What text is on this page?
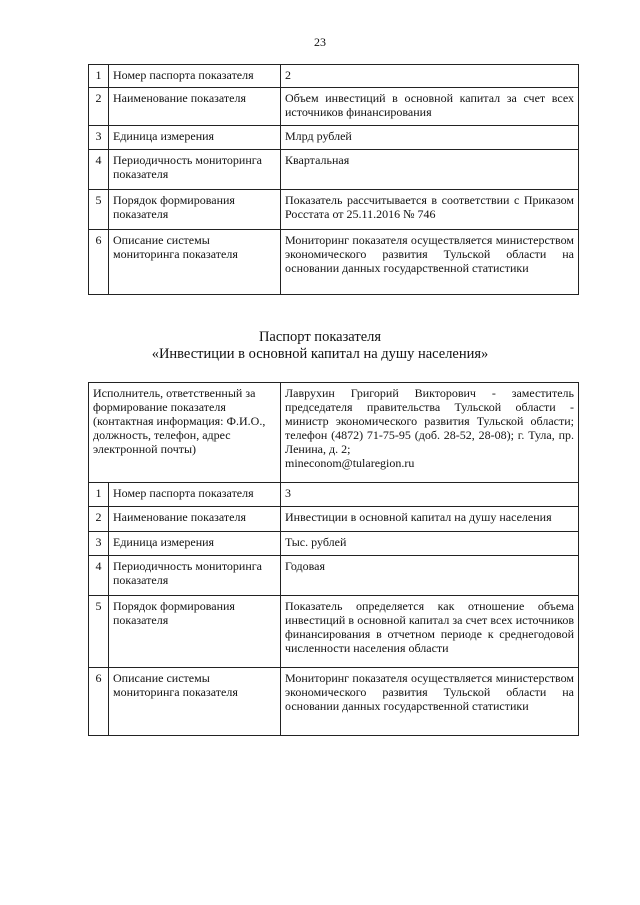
23
1	Номер паспорта показателя	2
2	Наименование показателя	Объем инвестиций в основной капитал за счет всех источников финансирования
3	Единица измерения	Млрд рублей
4	Периодичность мониторинга показателя	Квартальная
5	Порядок формирования показателя	Показатель рассчитывается в соответствии с Приказом Росстата от 25.11.2016 № 746
6	Описание системы мониторинга показателя	Мониторинг показателя осуществляется министерством экономического развития Тульской области на основании данных государственной статистики
Паспорт показателя
«Инвестиции в основной капитал на душу населения»
Исполнитель, ответственный за формирование показателя (контактная информация: Ф.И.О., должность, телефон, адрес электронной почты)		Лаврухин Григорий Викторович - заместитель председателя правительства Тульской области - министр экономического развития Тульской области; телефон (4872) 71-75-95 (доб. 28-52, 28-08); г. Тула, пр. Ленина, д. 2;
mineconom@tularegion.ru

1	Номер паспорта показателя	3
2	Наименование показателя	Инвестиции в основной капитал на душу населения
3	Единица измерения	Тыс. рублей
4	Периодичность мониторинга показателя	Годовая
5	Порядок формирования показателя	Показатель определяется как отношение объема инвестиций в основной капитал за счет всех источников финансирования в отчетном периоде к среднегодовой численности населения области
6	Описание системы мониторинга показателя	Мониторинг показателя осуществляется министерством экономического развития Тульской области на основании данных государственной статистики
